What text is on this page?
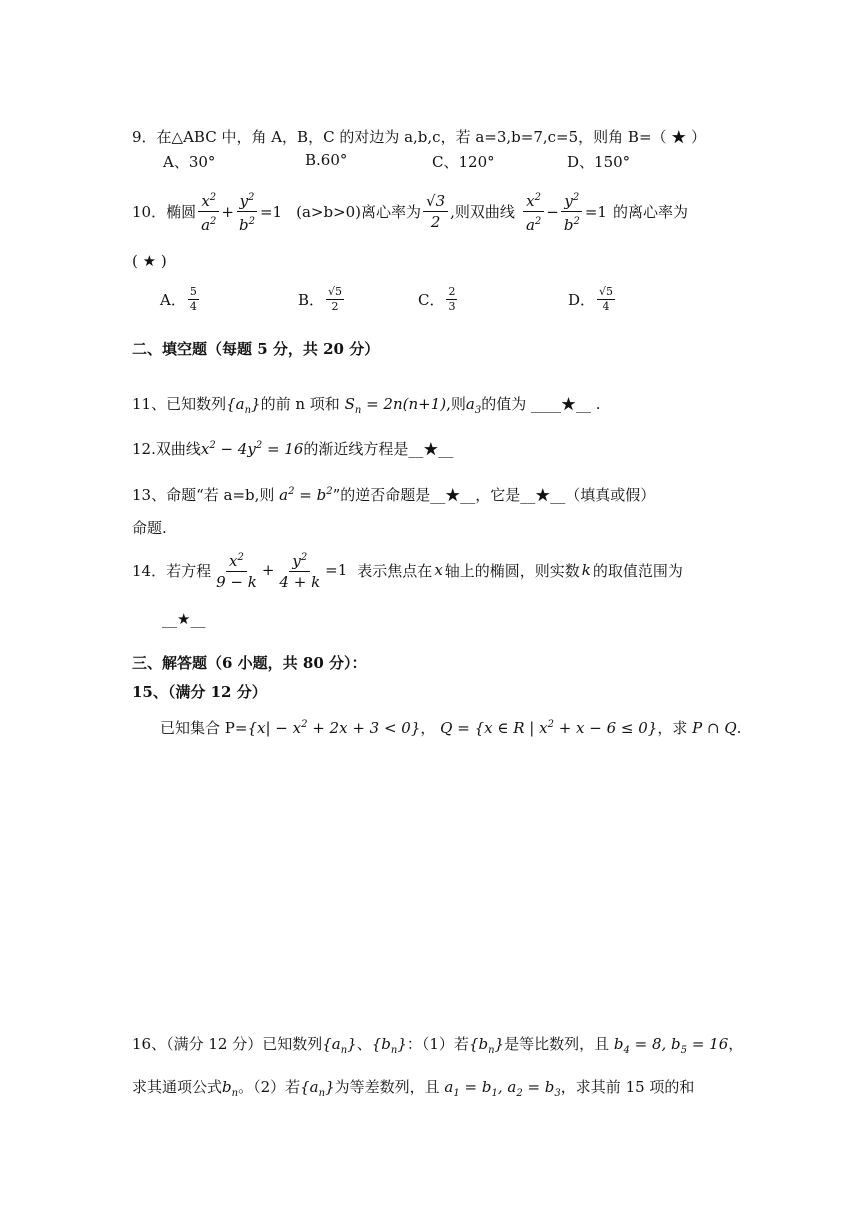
9．在△ABC 中，角 A，B，C 的对边为 a,b,c，若 a=3,b=7,c=5，则角 B=（ ★ ）
A、30°	B.60°	C、120°	D、150°
10．椭圆 $\frac{x^2}{a^2} + \frac{y^2}{b^2} =1$ (a>b>0)离心率为 $\frac{√3}{2}$ ,则双曲线 $\frac{x^2}{a^2} - \frac{y^2}{b^2} =1$ 的离心率为
( ★ )
A． $\frac{5}{4}$	B． $\frac{√5}{2}$	C． $\frac{2}{3}$	D． $\frac{√5}{4}$
二、填空题（每题 5 分，共 20 分）
11、已知数列$\{a_n\}$的前 n 项和 $S_n = 2n(n+1)$,则$a_3$的值为 ____★__ .
12.双曲线$x^2 - 4y^2 = 16$的渐近线方程是__★__
13、命题“若 a=b,则 $a^2 = b^2$”的逆否命题是__★__，它是__★__（填真或假）
命题.
14．若方程 $\frac{x^2}{9 - k} + \frac{y^2}{4 + k} =1$ 表示焦点在 x 轴上的椭圆，则实数 k 的取值范围为
__★__
三、解答题（6 小题，共 80 分）：
15、（满分 12 分）
已知集合 $P=\{x| - x^2 + 2x + 3 < 0\}$， Q = {x ∈ R | $x^2 + x - 6 \le 0$}，求 P ∩ Q.
16、（满分 12 分）已知数列$\{a_n\}$、$\{b_n\}$：（1）若$\{b_n\}$是等比数列，且 $b_4 = 8$, $b_5 = 16$，
求其通项公式$b_n$。（2）若$\{a_n\}$为等差数列，且 $a_1 = b_1$, $a_2 = b_3$，求其前 15 项的和
